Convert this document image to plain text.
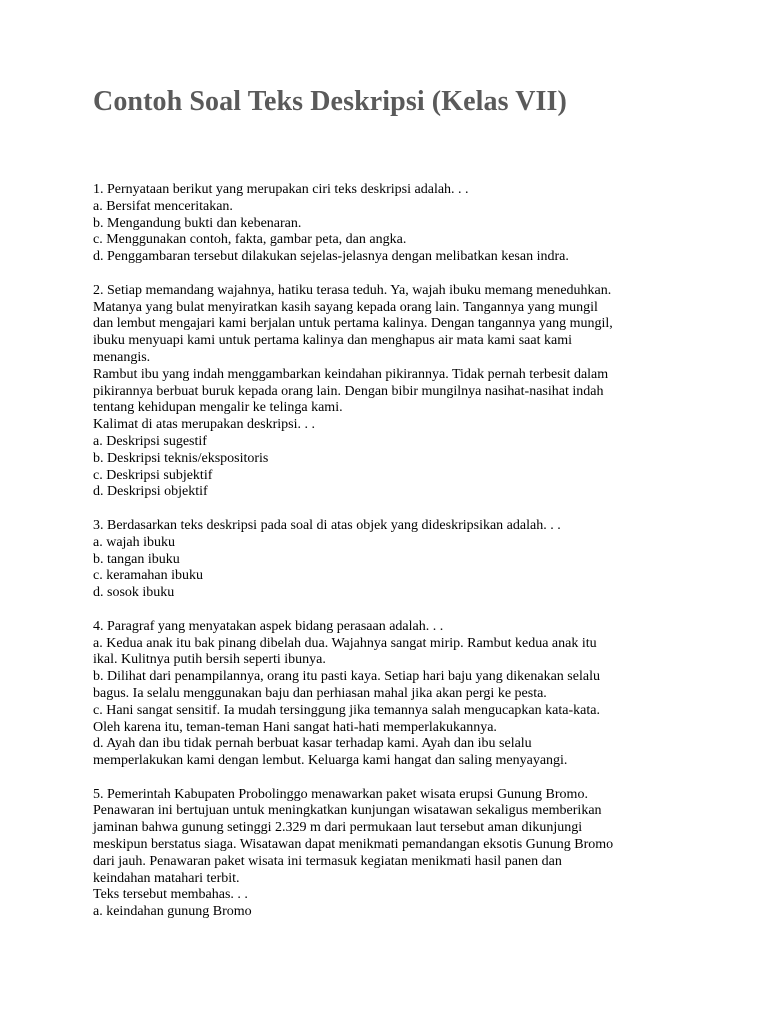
Contoh Soal Teks Deskripsi (Kelas VII)
1. Pernyataan berikut yang merupakan ciri teks deskripsi adalah. . .
a. Bersifat menceritakan.
b. Mengandung bukti dan kebenaran.
c. Menggunakan contoh, fakta, gambar peta, dan angka.
d. Penggambaran tersebut dilakukan sejelas-jelasnya dengan melibatkan kesan indra.
2. Setiap memandang wajahnya, hatiku terasa teduh. Ya, wajah ibuku memang meneduhkan.
Matanya yang bulat menyiratkan kasih sayang kepada orang lain. Tangannya yang mungil
dan lembut mengajari kami berjalan untuk pertama kalinya. Dengan tangannya yang mungil,
ibuku menyuapi kami untuk pertama kalinya dan menghapus air mata kami saat kami
menangis.
Rambut ibu yang indah menggambarkan keindahan pikirannya. Tidak pernah terbesit dalam
pikirannya berbuat buruk kepada orang lain. Dengan bibir mungilnya nasihat-nasihat indah
tentang kehidupan mengalir ke telinga kami.
Kalimat di atas merupakan deskripsi. . .
a. Deskripsi sugestif
b. Deskripsi teknis/ekspositoris
c. Deskripsi subjektif
d. Deskripsi objektif
3. Berdasarkan teks deskripsi pada soal di atas objek yang dideskripsikan adalah. . .
a. wajah ibuku
b. tangan ibuku
c. keramahan ibuku
d. sosok ibuku
4. Paragraf yang menyatakan aspek bidang perasaan adalah. . .
a. Kedua anak itu bak pinang dibelah dua. Wajahnya sangat mirip. Rambut kedua anak itu
ikal. Kulitnya putih bersih seperti ibunya.
b. Dilihat dari penampilannya, orang itu pasti kaya. Setiap hari baju yang dikenakan selalu
bagus. Ia selalu menggunakan baju dan perhiasan mahal jika akan pergi ke pesta.
c. Hani sangat sensitif. Ia mudah tersinggung jika temannya salah mengucapkan kata-kata.
Oleh karena itu, teman-teman Hani sangat hati-hati memperlakukannya.
d. Ayah dan ibu tidak pernah berbuat kasar terhadap kami. Ayah dan ibu selalu
memperlakukan kami dengan lembut. Keluarga kami hangat dan saling menyayangi.
5. Pemerintah Kabupaten Probolinggo menawarkan paket wisata erupsi Gunung Bromo.
Penawaran ini bertujuan untuk meningkatkan kunjungan wisatawan sekaligus memberikan
jaminan bahwa gunung setinggi 2.329 m dari permukaan laut tersebut aman dikunjungi
meskipun berstatus siaga. Wisatawan dapat menikmati pemandangan eksotis Gunung Bromo
dari jauh. Penawaran paket wisata ini termasuk kegiatan menikmati hasil panen dan
keindahan matahari terbit.
Teks tersebut membahas. . .
a. keindahan gunung Bromo
